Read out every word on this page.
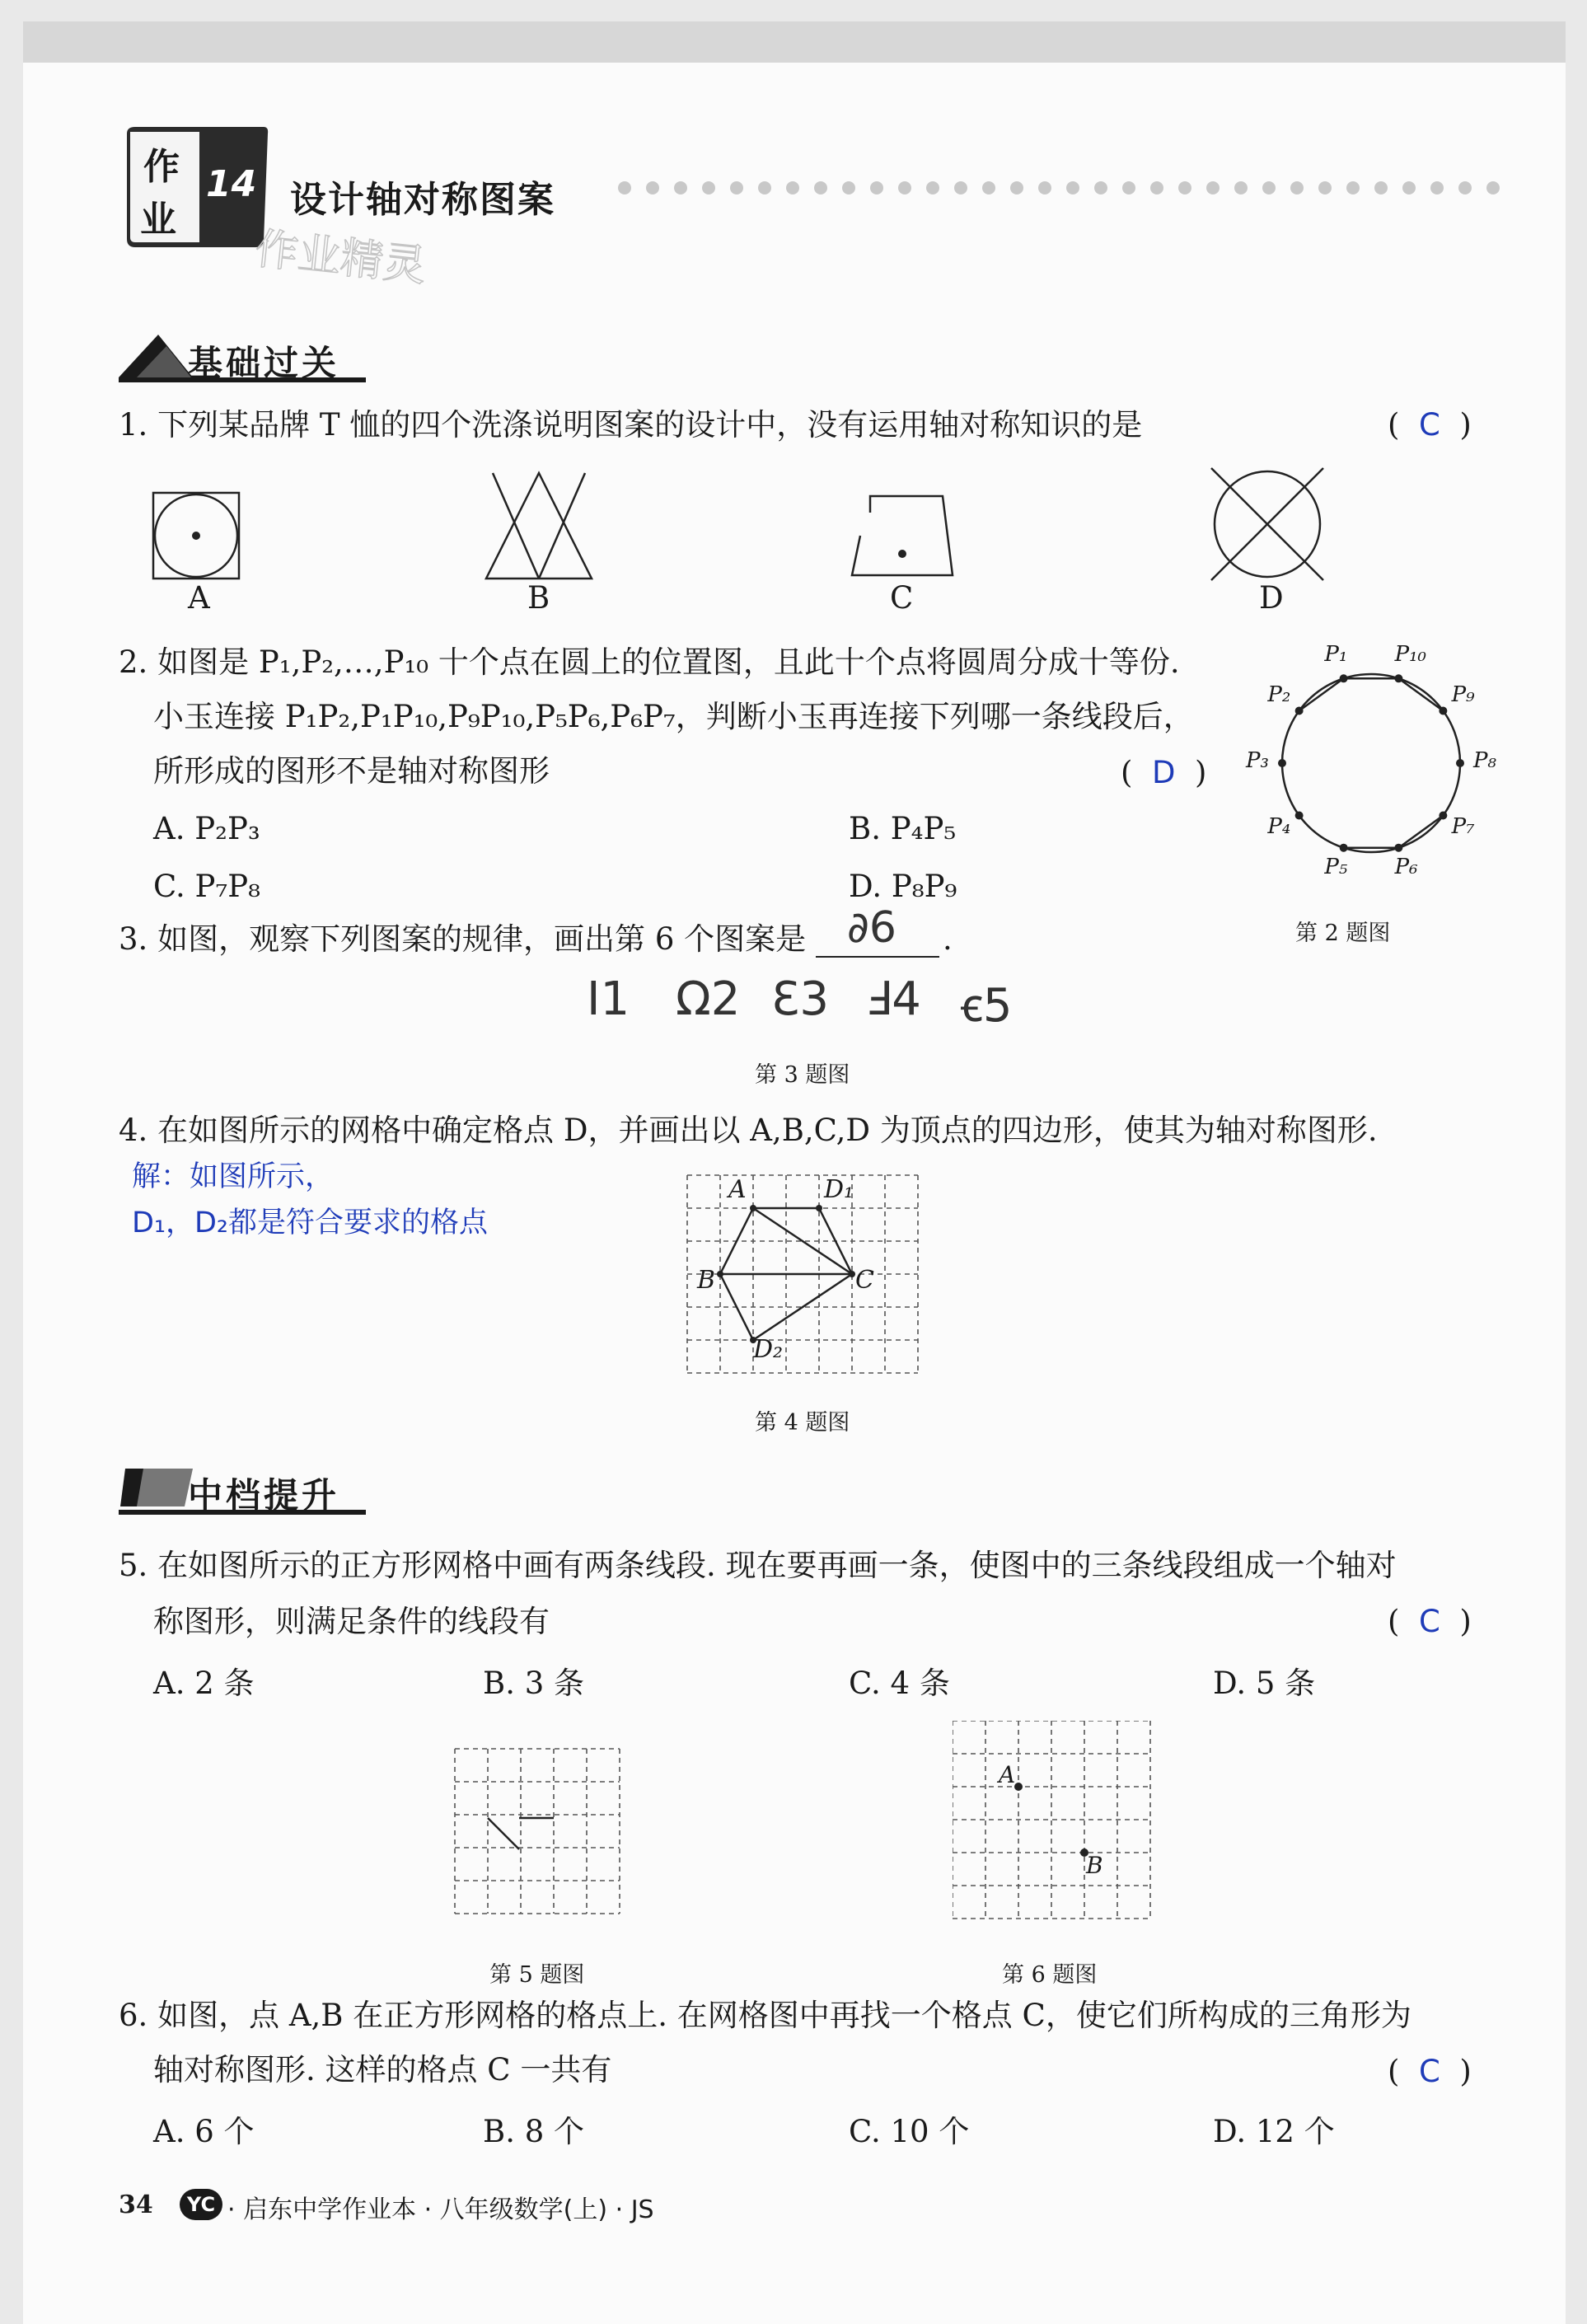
作
业
14 设计轴对称图案
作业精灵
基础过关
1. 下列某品牌 T 恤的四个洗涤说明图案的设计中，没有运用轴对称知识的是	(  C  )
A	B	C	D
2. 如图是 P₁,P₂,…,P₁₀ 十个点在圆上的位置图，且此十个点将圆周分成十等份.
小玉连接 P₁P₂,P₁P₁₀,P₉P₁₀,P₅P₆,P₆P₇，判断小玉再连接下列哪一条线段后，
所形成的图形不是轴对称图形	(  D  )
A. P₂P₃	B. P₄P₅
C. P₇P₈	D. P₈P₉
P₁ P₁₀
P₉
P₈
P₇
P₆
P₅
P₄
P₃
P₂
第 2 题图
3. 如图，观察下列图案的规律，画出第 6 个图案是 ∂6 .
I1 Ω2 Ɛ3 Ⅎ4 ꞓ5
第 3 题图
4. 在如图所示的网格中确定格点 D，并画出以 A,B,C,D 为顶点的四边形，使其为轴对称图形.
解：如图所示，
D₁，D₂都是符合要求的格点
A	D₁
B	C
D₂
第 4 题图
中档提升
5. 在如图所示的正方形网格中画有两条线段. 现在要再画一条，使图中的三条线段组成一个轴对
称图形，则满足条件的线段有	(  C  )
A. 2 条	B. 3 条	C. 4 条	D. 5 条
第 5 题图
A
B
第 6 题图
6. 如图，点 A,B 在正方形网格的格点上. 在网格图中再找一个格点 C，使它们所构成的三角形为
轴对称图形. 这样的格点 C 一共有	(  C  )
A. 6 个	B. 8 个	C. 10 个	D. 12 个
34	YC · 启东中学作业本 · 八年级数学(上) · JS
